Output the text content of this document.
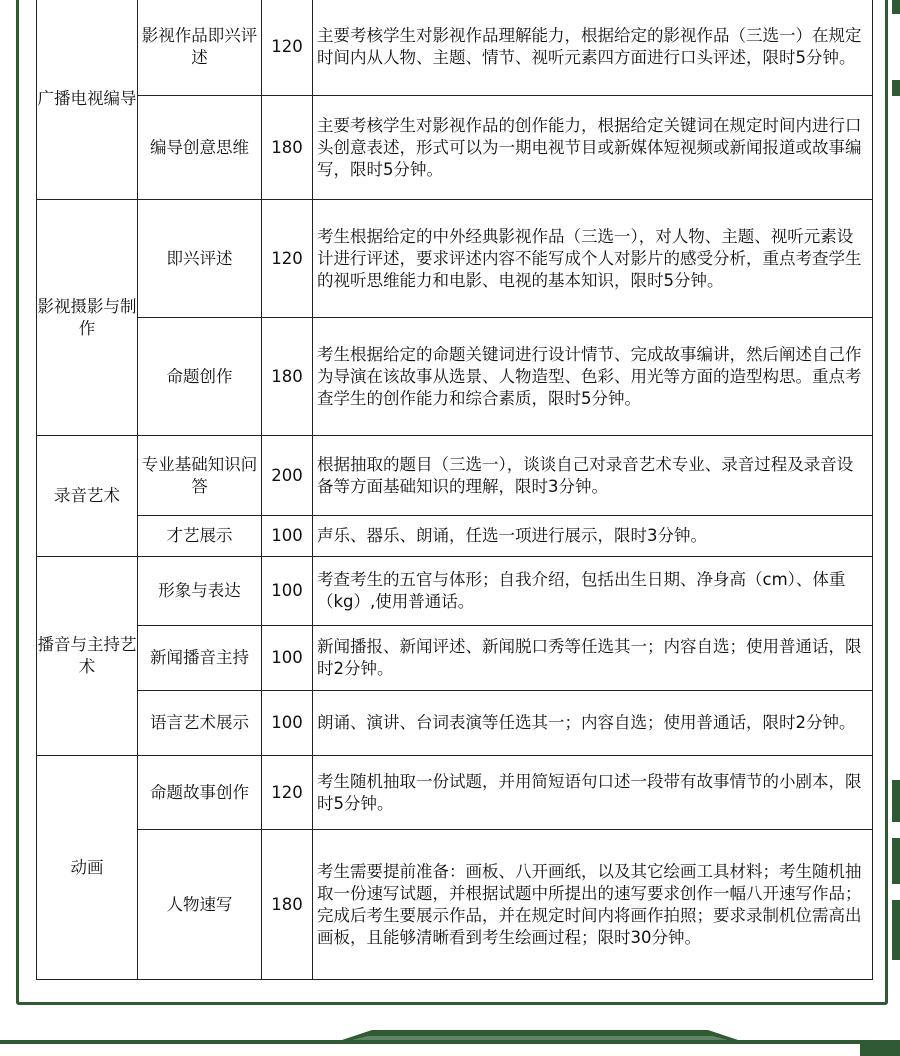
广播电视编导	影视作品即兴评述	120	主要考核学生对影视作品理解能力，根据给定的影视作品（三选一）在规定时间内从人物、主题、情节、视听元素四方面进行口头评述，限时5分钟。
	编导创意思维	180	主要考核学生对影视作品的创作能力，根据给定关键词在规定时间内进行口头创意表述，形式可以为一期电视节目或新媒体短视频或新闻报道或故事编写，限时5分钟。
影视摄影与制作	即兴评述	120	考生根据给定的中外经典影视作品（三选一），对人物、主题、视听元素设计进行评述，要求评述内容不能写成个人对影片的感受分析，重点考查学生的视听思维能力和电影、电视的基本知识，限时5分钟。
	命题创作	180	考生根据给定的命题关键词进行设计情节、完成故事编讲，然后阐述自己作为导演在该故事从选景、人物造型、色彩、用光等方面的造型构思。重点考查学生的创作能力和综合素质，限时5分钟。
录音艺术	专业基础知识问答	200	根据抽取的题目（三选一），谈谈自己对录音艺术专业、录音过程及录音设备等方面基础知识的理解，限时3分钟。
	才艺展示	100	声乐、器乐、朗诵，任选一项进行展示，限时3分钟。
播音与主持艺术	形象与表达	100	考查考生的五官与体形；自我介绍，包括出生日期、净身高（cm）、体重（kg）,使用普通话。
	新闻播音主持	100	新闻播报、新闻评述、新闻脱口秀等任选其一；内容自选；使用普通话，限时2分钟。
	语言艺术展示	100	朗诵、演讲、台词表演等任选其一；内容自选；使用普通话，限时2分钟。
动画	命题故事创作	120	考生随机抽取一份试题，并用简短语句口述一段带有故事情节的小剧本，限时5分钟。
	人物速写	180	考生需要提前准备：画板、八开画纸，以及其它绘画工具材料；考生随机抽取一份速写试题，并根据试题中所提出的速写要求创作一幅八开速写作品；完成后考生要展示作品，并在规定时间内将画作拍照；要求录制机位需高出画板，且能够清晰看到考生绘画过程；限时30分钟。
